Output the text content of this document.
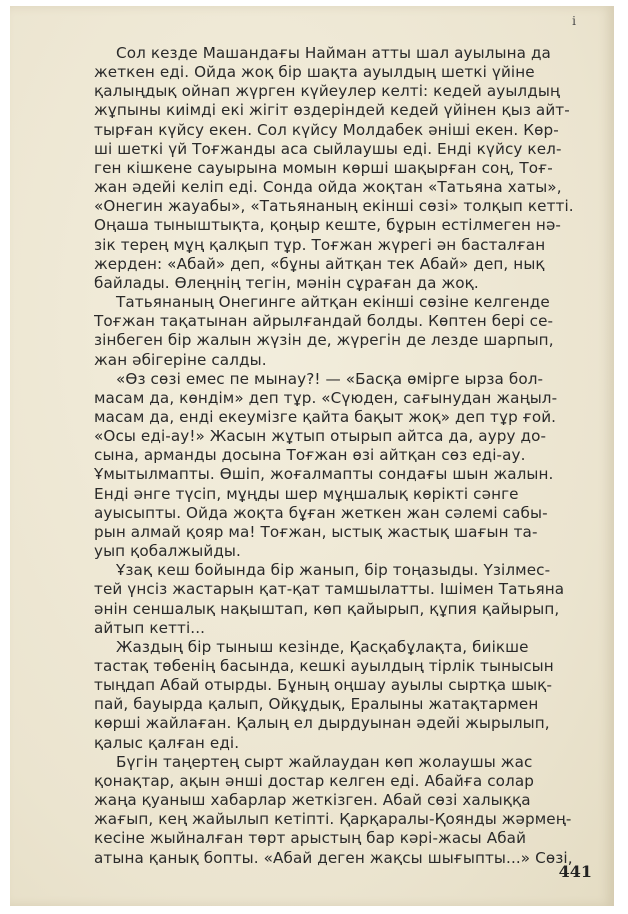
і
Сол кезде Машандағы Найман атты шал ауылына да
жеткен еді. Ойда жоқ бір шақта ауылдың шеткі үйіне
қалыңдық ойнап жүрген күйеулер келті: кедей ауылдың
жұпыны киімді екі жігіт өздеріндей кедей үйінен қыз айт-
тырған күйсу екен. Сол күйсу Молдабек əніші екен. Көр-
ші шеткі үй Тоғжанды аса сыйлаушы еді. Енді күйсу кел-
ген кішкене сауырына момын көрші шақырған соң, Тоғ-
жан əдейі келіп еді. Сонда ойда жоқтан «Татьяна хаты»,
«Онегин жауабы», «Татьянаның екінші сөзі» толқып кетті.
Оңаша тыныштықта, қоңыр кеште, бұрын естілмеген нə-
зік терең мұң қалқып тұр. Тоғжан жүрегі əн басталған
жерден: «Абай» деп, «бұны айтқан тек Абай» деп, нық
байлады. Өлеңнің тегін, мəнін сұраған да жоқ.
Татьянаның Онегинге айтқан екінші сөзіне келгенде
Тоғжан тақатынан айрылғандай болды. Көптен бері се-
зінбеген бір жалын жүзін де, жүрегін де лезде шарпып,
жан əбігеріне салды.
«Өз сөзі емес пе мынау?! — «Басқа өмірге ырза бол-
масам да, көндім» деп тұр. «Сүюден, сағынудан жаңыл-
масам да, енді екеумізге қайта бақыт жоқ» деп тұр ғой.
«Осы еді-ау!» Жасын жұтып отырып айтса да, ауру до-
сына, арманды досына Тоғжан өзі айтқан сөз еді-ау.
Ұмытылмапты. Өшіп, жоғалмапты сондағы шын жалын.
Енді əнге түсіп, мұңды шер мұңшалық көрікті сəнге
ауысыпты. Ойда жоқта бұған жеткен жан сəлемі сабы-
рын алмай қояр ма! Тоғжан, ыстық жастық шағын та-
уып қобалжыйды.
Ұзақ кеш бойында бір жанып, бір тоңазыды. Үзілмес-
тей үнсіз жастарын қат-қат тамшылатты. Ішімен Татьяна
əнін сеншалық нақыштап, көп қайырып, құпия қайырып,
айтып кетті...
Жаздың бір тыныш кезінде, Қасқабұлақта, биікше
тастақ төбенің басында, кешкі ауылдың тірлік тынысын
тыңдап Абай отырды. Бұның оңшау ауылы сыртқа шық-
пай, бауырда қалып, Ойқұдық, Ералыны жатақтармен
көрші жайлаған. Қалың ел дырдуынан əдейі жырылып,
қалыс қалған еді.
Бүгін таңертең сырт жайлаудан көп жолаушы жас
қонақтар, ақын əнші достар келген еді. Абайға солар
жаңа қуаныш хабарлар жеткізген. Абай сөзі халыққа
жағып, кең жайылып кетіпті. Қарқаралы-Қоянды жəрмең-
кесіне жыйналған төрт арыстың бар кəрі-жасы Абай
атына қанық бопты. «Абай деген жақсы шығыпты...» Сөзі,
441
